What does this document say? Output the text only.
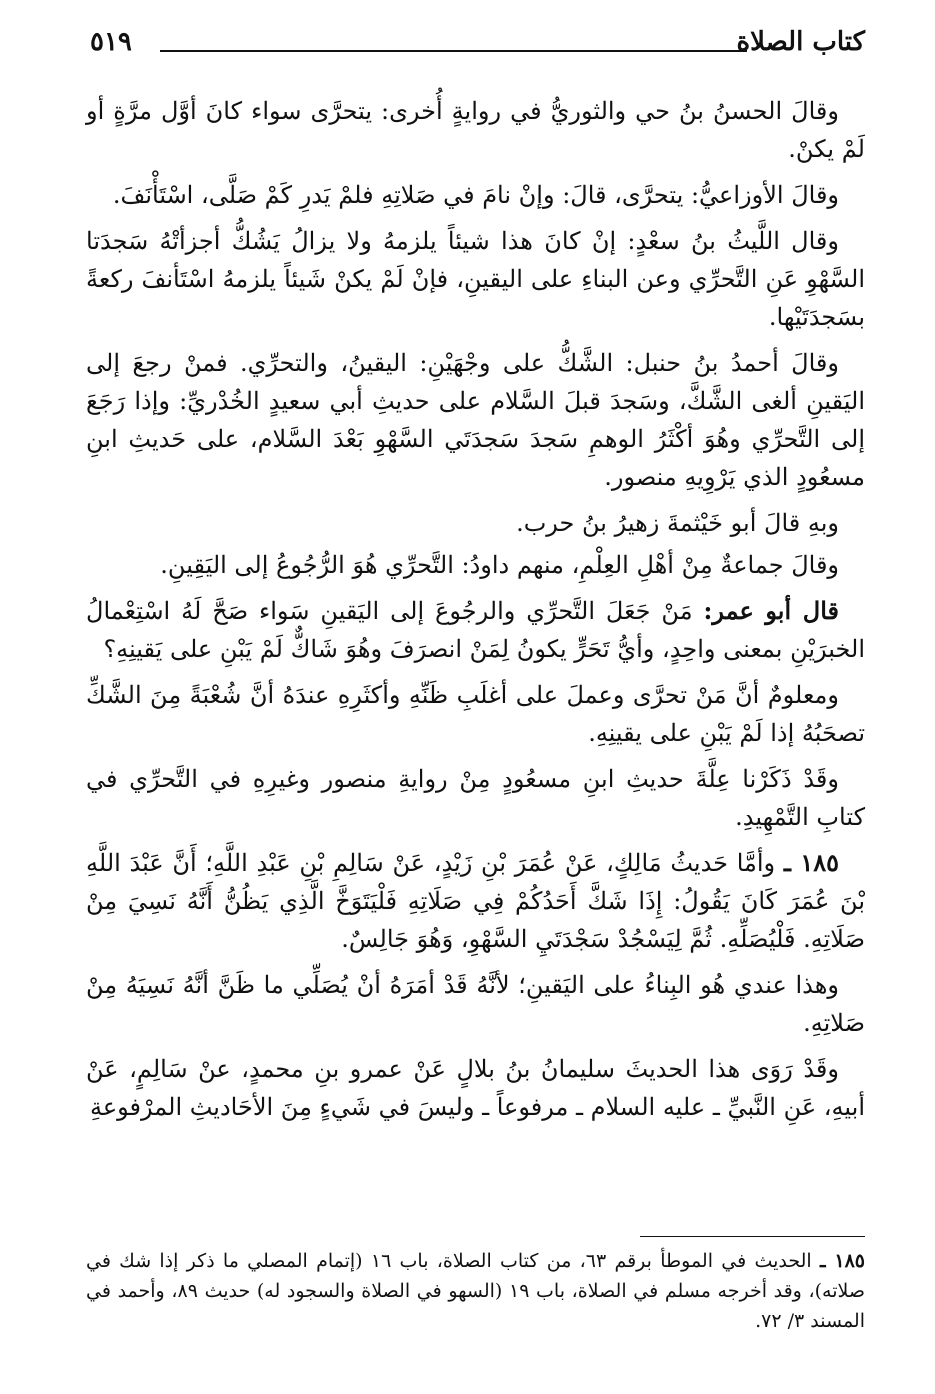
كتاب الصلاة
٥١٩

وقالَ الحسنُ بنُ حي والثوريُّ في روايةٍ أُخرى: يتحرَّى سواء كانَ أوَّل مرَّةٍ أو لَمْ يكنْ.

وقالَ الأوزاعيُّ: يتحرَّى، قالَ: وإنْ نامَ في صَلاتِهِ فلمْ يَدرِ كَمْ صَلَّى، اسْتَأْنَفَ.

وقال اللَّيثُ بنُ سعْدٍ: إنْ كانَ هذا شيئاً يلزمهُ ولا يزالُ يَشُكُّ أجزأتْهُ سَجدَتا السَّهْوِ عَنِ التَّحرِّي وعن البناءِ على اليقينِ، فإنْ لَمْ يكنْ شَيئاً يلزمهُ اسْتَأنفَ ركعةً بسَجدَتَيْها.

وقالَ أحمدُ بنُ حنبل: الشَّكُّ على وجْهَيْنِ: اليقينُ، والتحرِّي. فمنْ رجعَ إلى اليَقينِ ألغى الشَّكَّ، وسَجدَ قبلَ السَّلام على حديثِ أبي سعيدٍ الخُدْريِّ: وإذا رَجَعَ إلى التَّحرِّي وهُوَ أكْثَرُ الوهمِ سَجدَ سَجدَتَي السَّهْوِ بَعْدَ السَّلام، على حَديثِ ابنِ مسعُودٍ الذي يَرْوِيهِ منصور.

وبهِ قالَ أبو خَيْثمةَ زهيرُ بنُ حرب.

وقالَ جماعةٌ مِنْ أهْلِ العِلْمِ، منهم داودُ: التَّحرِّي هُوَ الرُّجُوعُ إلى اليَقِينِ.

قال أبو عمر: مَنْ جَعَلَ التَّحرِّي والرجُوعَ إلى اليَقينِ سَواء صَحَّ لَهُ اسْتِعْمالُ الخبرَيْنِ بمعنى واحِدٍ، وأيُّ تَحَرٍّ يكونُ لِمَنْ انصرَفَ وهُوَ شَاكٌّ لَمْ يَبْنِ على يَقينِهِ؟

ومعلومٌ أنَّ مَنْ تحرَّى وعملَ على أغلَبِ ظَنِّهِ وأكثَرِهِ عندَهُ أنَّ شُعْبَةً مِنَ الشَّكِّ تصحَبُهُ إذا لَمْ يَبْنِ على يقينِهِ.

وقَدْ ذَكَرْنا عِلَّةَ حديثِ ابنِ مسعُودٍ مِنْ روايةِ منصور وغيرِهِ في التَّحرِّي في كتابِ التَّمْهِيدِ.

١٨٥ ـ وأمَّا حَديثُ مَالِكٍ، عَنْ عُمَرَ بْنِ زَيْدٍ، عَنْ سَالِمِ بْنِ عَبْدِ اللَّهِ؛ أَنَّ عَبْدَ اللَّهِ بْنَ عُمَرَ كَانَ يَقُولُ: إِذَا شَكَّ أَحَدُكُمْ فِي صَلَاتِهِ فَلْيَتَوَخَّ الَّذِي يَظُنُّ أَنَّهُ نَسِيَ مِنْ صَلَاتِهِ. فَلْيُصَلِّهِ. ثُمَّ لِيَسْجُدْ سَجْدَتَيِ السَّهْوِ، وَهُوَ جَالِسٌ.

وهذا عندي هُو البِناءُ على اليَقينِ؛ لأنَّهُ قَدْ أمَرَهُ أنْ يُصَلِّي ما ظَنَّ أنَّهُ نَسِيَهُ مِنْ صَلاتِهِ.

وقَدْ رَوَى هذا الحديثَ سليمانُ بنُ بلالٍ عَنْ عمرو بنِ محمدٍ، عنْ سَالِمٍ، عَنْ أبيهِ، عَنِ النَّبيِّ ـ عليه السلام ـ مرفوعاً ـ وليسَ في شَيءٍ مِنَ الأحَاديثِ المرْفوعةِ

١٨٥ ـ الحديث في الموطأ برقم ٦٣، من كتاب الصلاة، باب ١٦ (إتمام المصلي ما ذكر إذا شك في صلاته)، وقد أخرجه مسلم في الصلاة، باب ١٩ (السهو في الصلاة والسجود له) حديث ٨٩، وأحمد في المسند ٣/ ٧٢.
